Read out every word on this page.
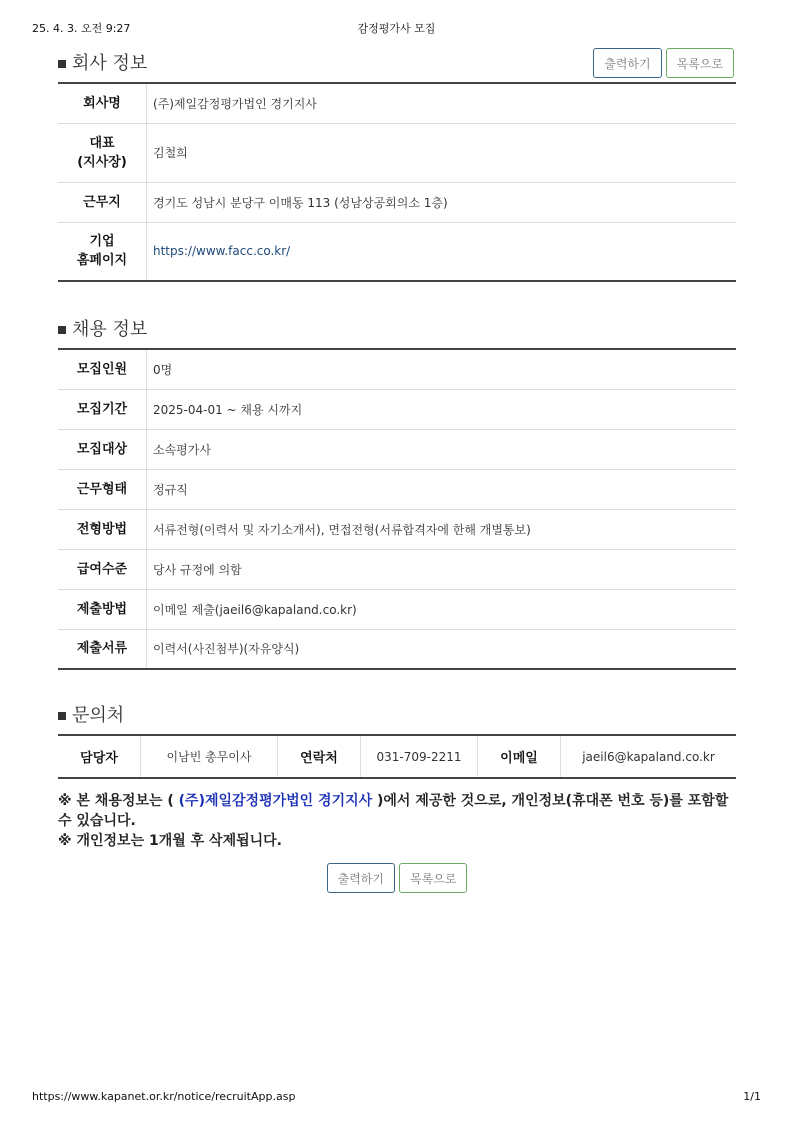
25. 4. 3. 오전 9:27	감정평가사 모집
회사 정보	출력하기	목록으로
회사명	(주)제일감정평가법인 경기지사
대표
(지사장)	김철희
근무지	경기도 성남시 분당구 이매동 113 (성남상공회의소 1층)
기업
홈페이지	https://www.facc.co.kr/
채용 정보
모집인원	0명
모집기간	2025-04-01 ~ 채용 시까지
모집대상	소속평가사
근무형태	정규직
전형방법	서류전형(이력서 및 자기소개서), 면접전형(서류합격자에 한해 개별통보)
급여수준	당사 규정에 의함
제출방법	이메일 제출(jaeil6@kapaland.co.kr)
제출서류	이력서(사진첨부)(자유양식)
문의처
담당자	이남빈 총무이사	연락처	031-709-2211	이메일	jaeil6@kapaland.co.kr
※ 본 채용정보는 ( (주)제일감정평가법인 경기지사 )에서 제공한 것으로, 개인정보(휴대폰 번호 등)를 포함할 수 있습니다.
※ 개인정보는 1개월 후 삭제됩니다.
출력하기	목록으로
https://www.kapanet.or.kr/notice/recruitApp.asp	1/1
